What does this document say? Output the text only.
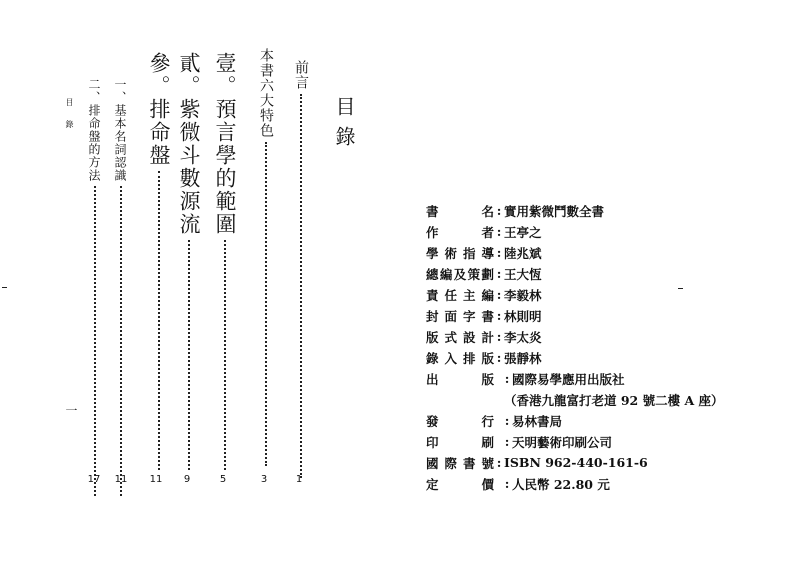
目錄
前言
1
本書六大特色
3
壹。預言學的範圍
5
貳。紫微斗數源流
9
參。排命盤
11
一、基本名詞認識
11
二、排命盤的方法
17
目錄
一
書	名 : 實用紫微鬥數全書
作	者 : 王亭之
學 術 指 導 : 陸兆斌
總 編 及 策 劃 : 王大恆
責 任 主 編 : 李毅林
封 面 字 書 : 林則明
版 式 設 計 : 李太炎
錄 入 排 版 : 張靜林
出	版 : 國際易學應用出版社
（香港九龍富打老道 92 號二樓 A 座）
發	行 : 易林書局
印	刷 : 天明藝術印刷公司
國 際 書 號 : ISBN 962-440-161-6
定	價 : 人民幣 22.80 元
